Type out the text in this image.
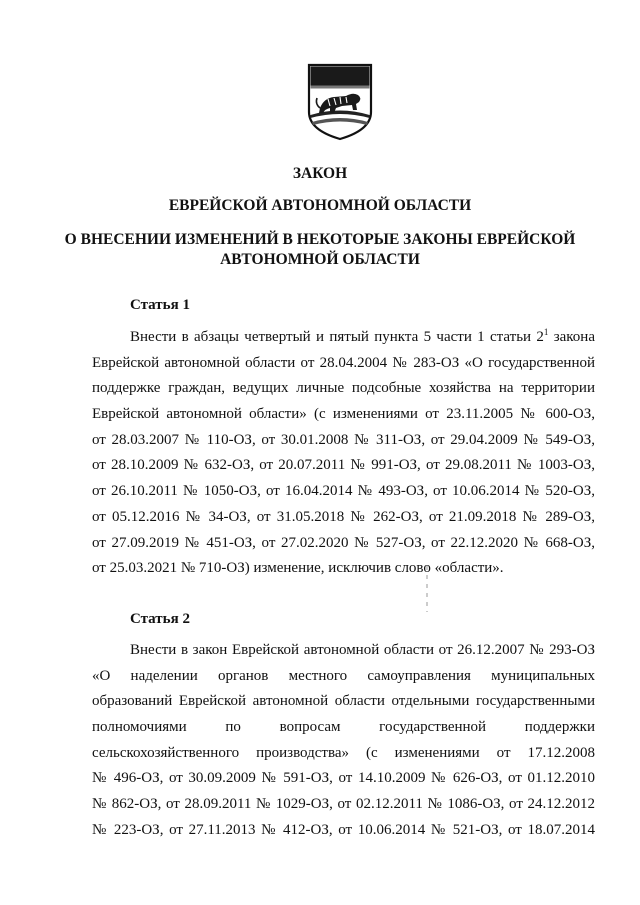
ЗАКОН
ЕВРЕЙСКОЙ АВТОНОМНОЙ ОБЛАСТИ
О ВНЕСЕНИИ ИЗМЕНЕНИЙ В НЕКОТОРЫЕ ЗАКОНЫ ЕВРЕЙСКОЙ
АВТОНОМНОЙ ОБЛАСТИ
Статья 1
Внести в абзацы четвертый и пятый пункта 5 части 1 статьи $2^1$ закона
Еврейской автономной области от 28.04.2004 № 283-ОЗ «О государственной
поддержке граждан, ведущих личные подсобные хозяйства на территории
Еврейской автономной области» (с изменениями от 23.11.2005 № 600-ОЗ,
от 28.03.2007 № 110-ОЗ, от 30.01.2008 № 311-ОЗ, от 29.04.2009 № 549-ОЗ,
от 28.10.2009 № 632-ОЗ, от 20.07.2011 № 991-ОЗ, от 29.08.2011 № 1003-ОЗ,
от 26.10.2011 № 1050-ОЗ, от 16.04.2014 № 493-ОЗ, от 10.06.2014 № 520-ОЗ,
от 05.12.2016 № 34-ОЗ, от 31.05.2018 № 262-ОЗ, от 21.09.2018 № 289-ОЗ,
от 27.09.2019 № 451-ОЗ, от 27.02.2020 № 527-ОЗ, от 22.12.2020 № 668-ОЗ,
от 25.03.2021 № 710-ОЗ) изменение, исключив слово «области».
Статья 2
Внести в закон Еврейской автономной области от 26.12.2007 № 293-ОЗ
«О наделении органов местного самоуправления муниципальных
образований Еврейской автономной области отдельными государственными
полномочиями по вопросам государственной поддержки
сельскохозяйственного производства» (с изменениями от 17.12.2008
№ 496-ОЗ, от 30.09.2009 № 591-ОЗ, от 14.10.2009 № 626-ОЗ, от 01.12.2010
№ 862-ОЗ, от 28.09.2011 № 1029-ОЗ, от 02.12.2011 № 1086-ОЗ, от 24.12.2012
№ 223-ОЗ, от 27.11.2013 № 412-ОЗ, от 10.06.2014 № 521-ОЗ, от 18.07.2014
